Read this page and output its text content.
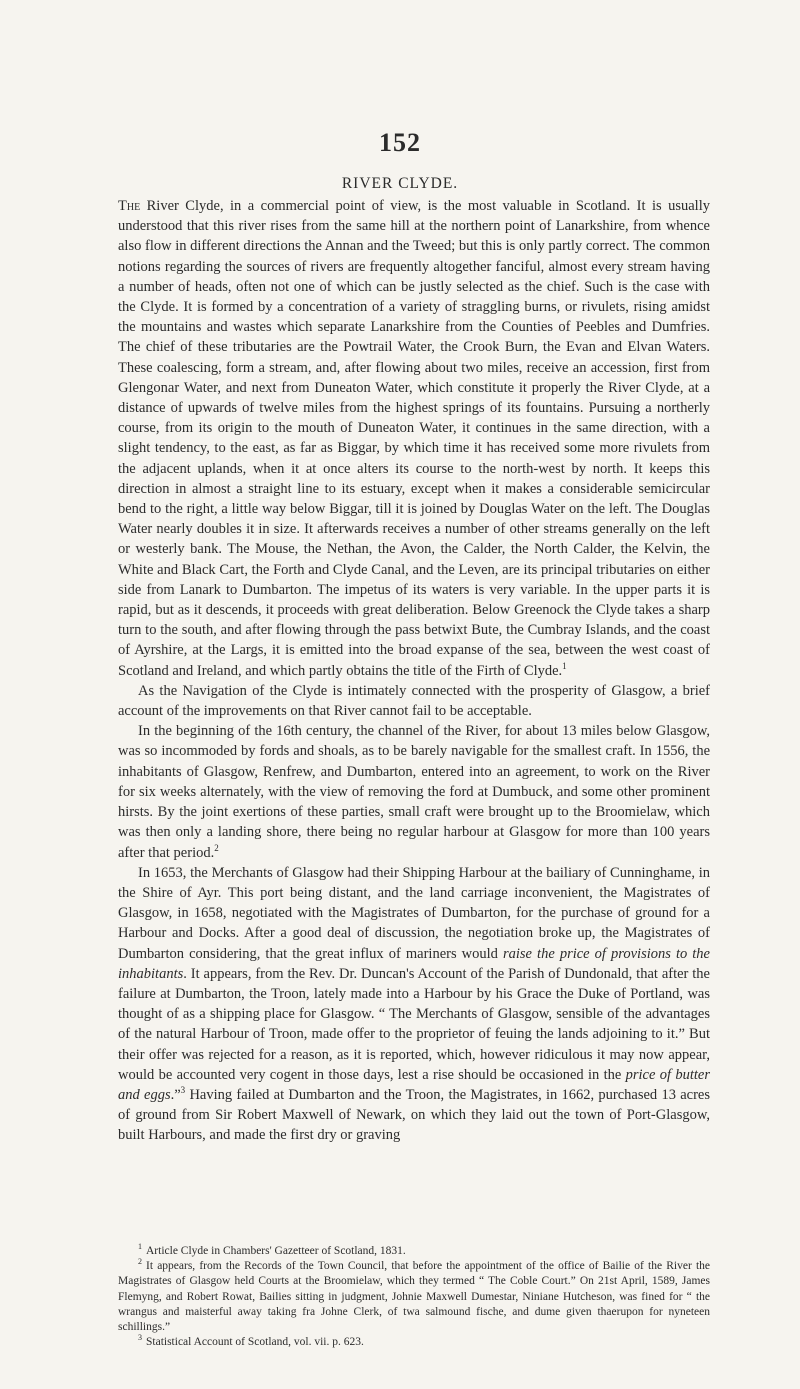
152
RIVER CLYDE.

The River Clyde, in a commercial point of view, is the most valuable in Scotland. It is usually understood that this river rises from the same hill at the northern point of Lanarkshire, from whence also flow in different directions the Annan and the Tweed; but this is only partly correct. The common notions regarding the sources of rivers are frequently altogether fanciful, almost every stream having a number of heads, often not one of which can be justly selected as the chief. Such is the case with the Clyde. It is formed by a concentration of a variety of straggling burns, or rivulets, rising amidst the mountains and wastes which separate Lanarkshire from the Counties of Peebles and Dumfries. The chief of these tributaries are the Powtrail Water, the Crook Burn, the Evan and Elvan Waters. These coalescing, form a stream, and, after flowing about two miles, receive an accession, first from Glengonar Water, and next from Duneaton Water, which constitute it properly the River Clyde, at a distance of upwards of twelve miles from the highest springs of its fountains. Pursuing a northerly course, from its origin to the mouth of Duneaton Water, it continues in the same direction, with a slight tendency, to the east, as far as Biggar, by which time it has received some more rivulets from the adjacent uplands, when it at once alters its course to the north-west by north. It keeps this direction in almost a straight line to its estuary, except when it makes a considerable semicircular bend to the right, a little way below Biggar, till it is joined by Douglas Water on the left. The Douglas Water nearly doubles it in size. It afterwards receives a number of other streams generally on the left or westerly bank. The Mouse, the Nethan, the Avon, the Calder, the North Calder, the Kelvin, the White and Black Cart, the Forth and Clyde Canal, and the Leven, are its principal tributaries on either side from Lanark to Dumbarton. The impetus of its waters is very variable. In the upper parts it is rapid, but as it descends, it proceeds with great deliberation. Below Greenock the Clyde takes a sharp turn to the south, and after flowing through the pass betwixt Bute, the Cumbray Islands, and the coast of Ayrshire, at the Largs, it is emitted into the broad expanse of the sea, between the west coast of Scotland and Ireland, and which partly obtains the title of the Firth of Clyde.$^1$

As the Navigation of the Clyde is intimately connected with the prosperity of Glasgow, a brief account of the improvements on that River cannot fail to be acceptable.

In the beginning of the 16th century, the channel of the River, for about 13 miles below Glasgow, was so incommoded by fords and shoals, as to be barely navigable for the smallest craft. In 1556, the inhabitants of Glasgow, Renfrew, and Dumbarton, entered into an agreement, to work on the River for six weeks alternately, with the view of removing the ford at Dumbuck, and some other prominent hirsts. By the joint exertions of these parties, small craft were brought up to the Broomielaw, which was then only a landing shore, there being no regular harbour at Glasgow for more than 100 years after that period.$^2$

In 1653, the Merchants of Glasgow had their Shipping Harbour at the bailiary of Cunninghame, in the Shire of Ayr. This port being distant, and the land carriage inconvenient, the Magistrates of Glasgow, in 1658, negotiated with the Magistrates of Dumbarton, for the purchase of ground for a Harbour and Docks. After a good deal of discussion, the negotiation broke up, the Magistrates of Dumbarton considering, that the great influx of mariners would raise the price of provisions to the inhabitants. It appears, from the Rev. Dr. Duncan's Account of the Parish of Dundonald, that after the failure at Dumbarton, the Troon, lately made into a Harbour by his Grace the Duke of Portland, was thought of as a shipping place for Glasgow. “ The Merchants of Glasgow, sensible of the advantages of the natural Harbour of Troon, made offer to the proprietor of feuing the lands adjoining to it.” But their offer was rejected for a reason, as it is reported, which, however ridiculous it may now appear, would be accounted very cogent in those days, lest a rise should be occasioned in the price of butter and eggs.”$^3$ Having failed at Dumbarton and the Troon, the Magistrates, in 1662, purchased 13 acres of ground from Sir Robert Maxwell of Newark, on which they laid out the town of Port-Glasgow, built Harbours, and made the first dry or graving

$^1$ Article Clyde in Chambers' Gazetteer of Scotland, 1831.

$^2$ It appears, from the Records of the Town Council, that before the appointment of the office of Bailie of the River the Magistrates of Glasgow held Courts at the Broomielaw, which they termed “ The Coble Court.” On 21st April, 1589, James Flemyng, and Robert Rowat, Bailies sitting in judgment, Johnie Maxwell Dumestar, Niniane Hutcheson, was fined for “ the wrangus and maisterful away taking fra Johne Clerk, of twa salmound fische, and dume given thaerupon for nyneteen schillings.”

$^3$ Statistical Account of Scotland, vol. vii. p. 623.
